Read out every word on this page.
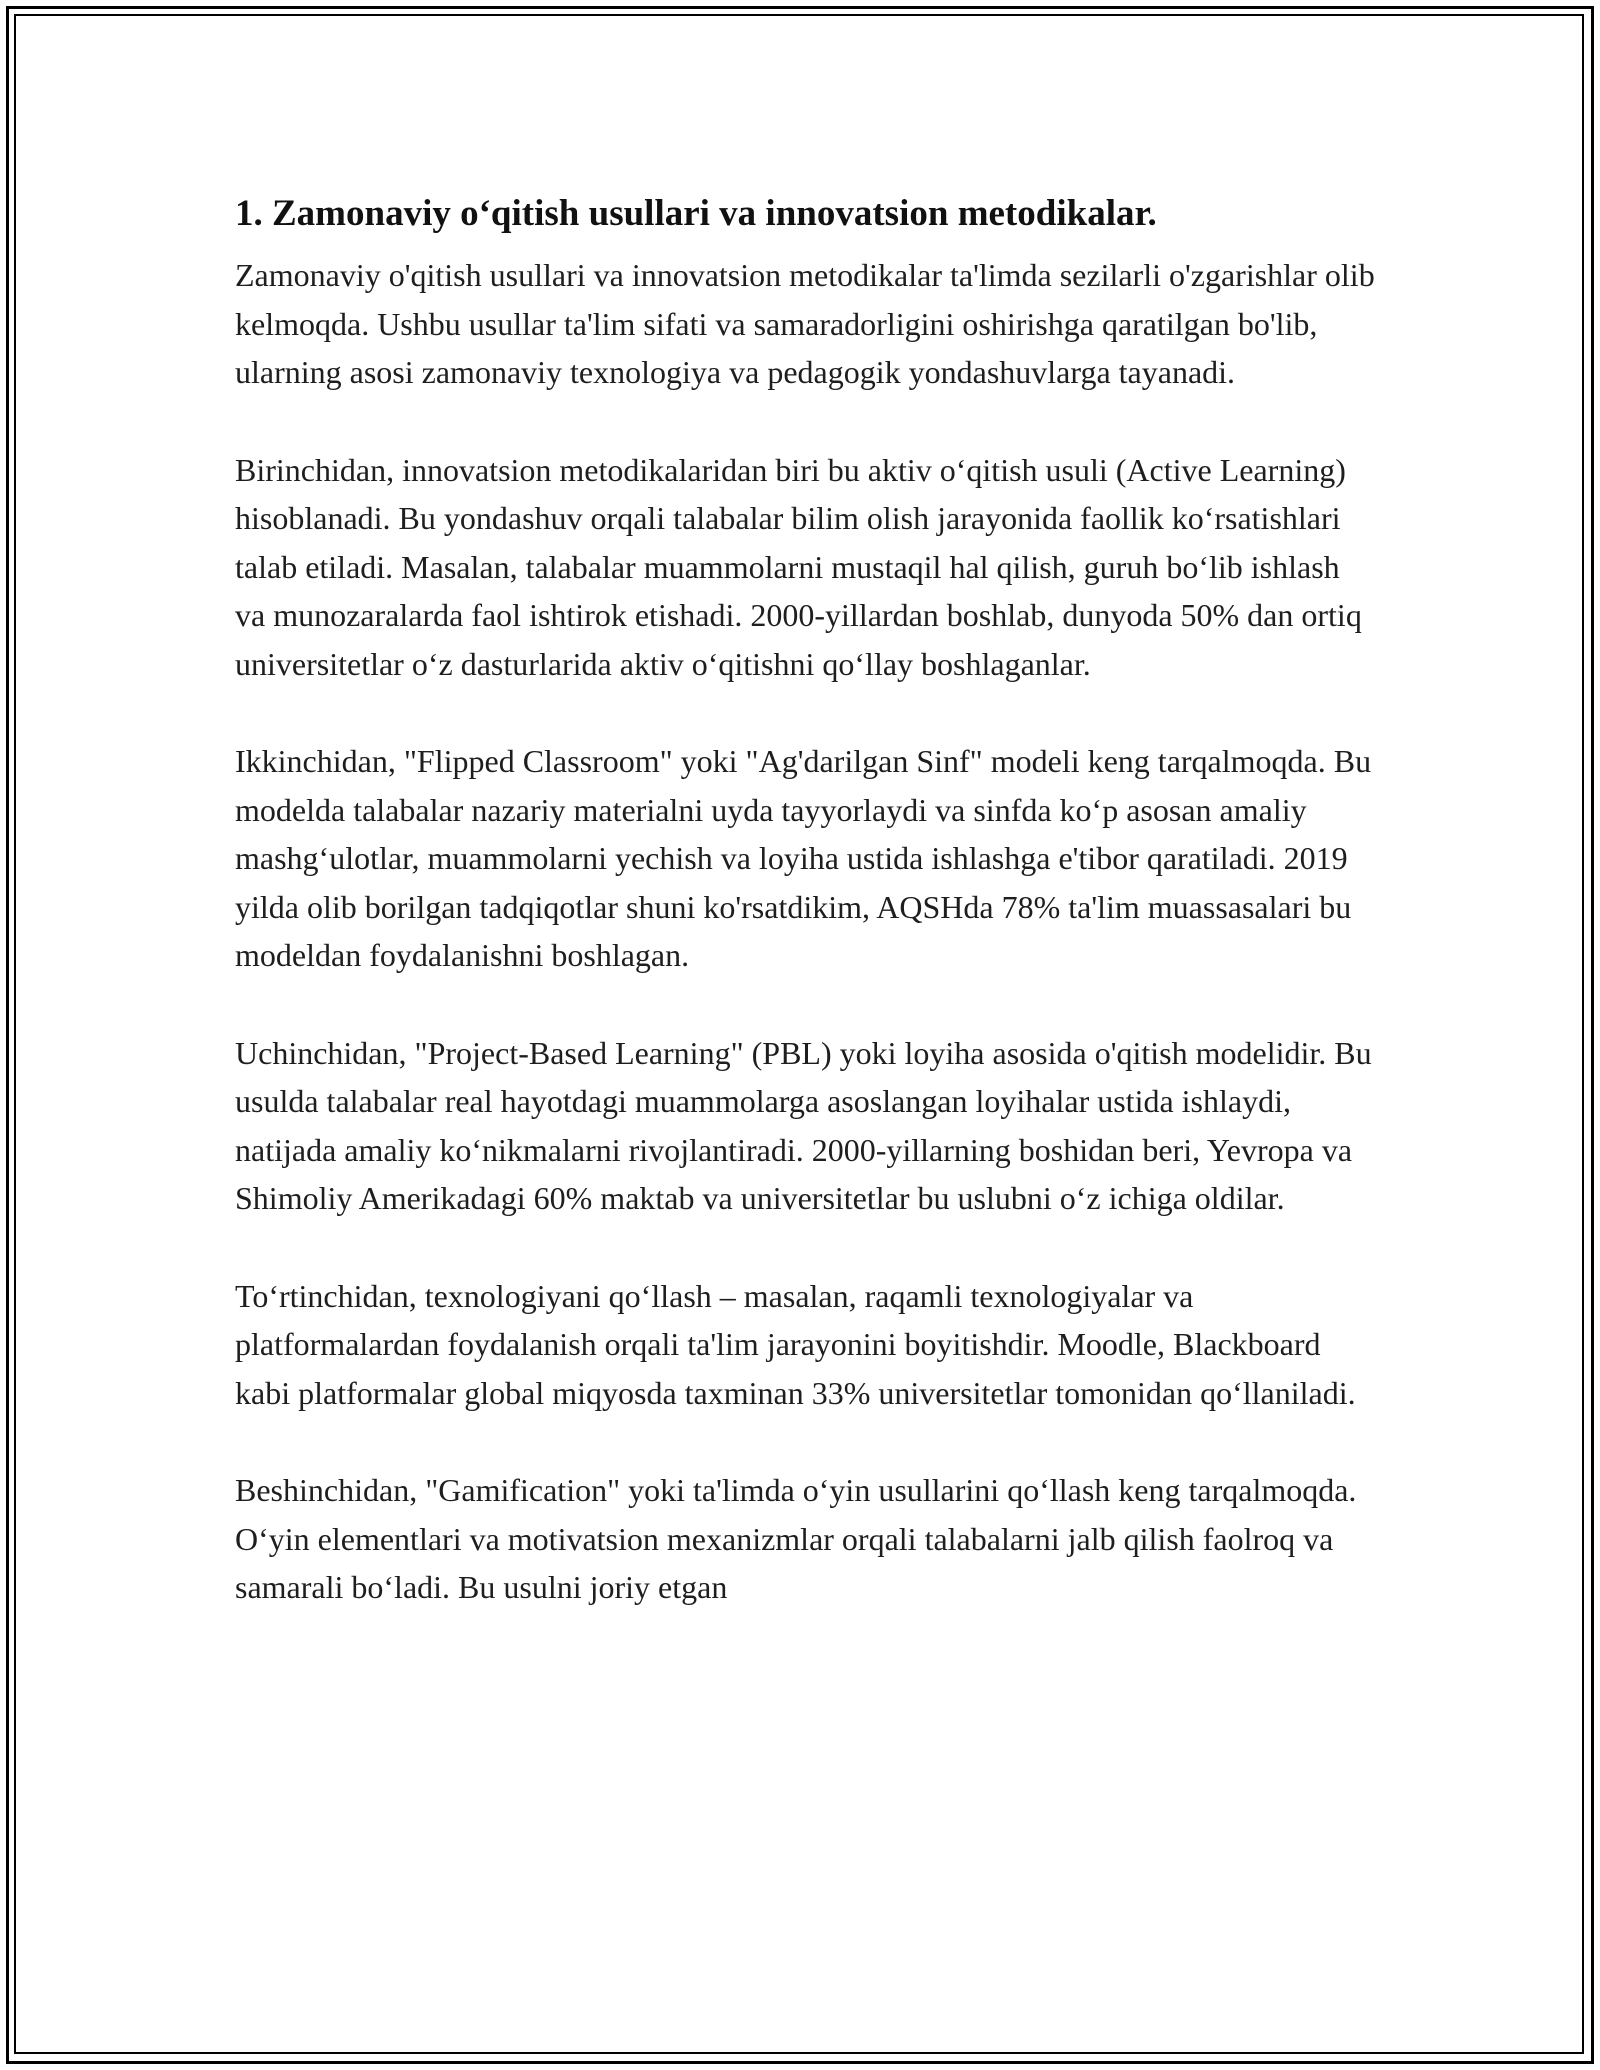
1. Zamonaviy o‘qitish usullari va innovatsion metodikalar.

Zamonaviy o'qitish usullari va innovatsion metodikalar ta'limda sezilarli o'zgarishlar olib kelmoqda. Ushbu usullar ta'lim sifati va samaradorligini oshirishga qaratilgan bo'lib, ularning asosi zamonaviy texnologiya va pedagogik yondashuvlarga tayanadi.

Birinchidan, innovatsion metodikalaridan biri bu aktiv o‘qitish usuli (Active Learning) hisoblanadi. Bu yondashuv orqali talabalar bilim olish jarayonida faollik ko‘rsatishlari talab etiladi. Masalan, talabalar muammolarni mustaqil hal qilish, guruh bo‘lib ishlash va munozaralarda faol ishtirok etishadi. 2000-yillardan boshlab, dunyoda 50% dan ortiq universitetlar o‘z dasturlarida aktiv o‘qitishni qo‘llay boshlaganlar.

Ikkinchidan, "Flipped Classroom" yoki "Ag'darilgan Sinf" modeli keng tarqalmoqda. Bu modelda talabalar nazariy materialni uyda tayyorlaydi va sinfda ko‘p asosan amaliy mashg‘ulotlar, muammolarni yechish va loyiha ustida ishlashga e'tibor qaratiladi. 2019 yilda olib borilgan tadqiqotlar shuni ko'rsatdikim, AQSHda 78% ta'lim muassasalari bu modeldan foydalanishni boshlagan.

Uchinchidan, "Project-Based Learning" (PBL) yoki loyiha asosida o'qitish modelidir. Bu usulda talabalar real hayotdagi muammolarga asoslangan loyihalar ustida ishlaydi, natijada amaliy ko‘nikmalarni rivojlantiradi. 2000-yillarning boshidan beri, Yevropa va Shimoliy Amerikadagi 60% maktab va universitetlar bu uslubni o‘z ichiga oldilar.

To‘rtinchidan, texnologiyani qo‘llash – masalan, raqamli texnologiyalar va platformalardan foydalanish orqali ta'lim jarayonini boyitishdir. Moodle, Blackboard kabi platformalar global miqyosda taxminan 33% universitetlar tomonidan qo‘llaniladi.

Beshinchidan, "Gamification" yoki ta'limda o‘yin usullarini qo‘llash keng tarqalmoqda. O‘yin elementlari va motivatsion mexanizmlar orqali talabalarni jalb qilish faolroq va samarali bo‘ladi. Bu usulni joriy etgan
